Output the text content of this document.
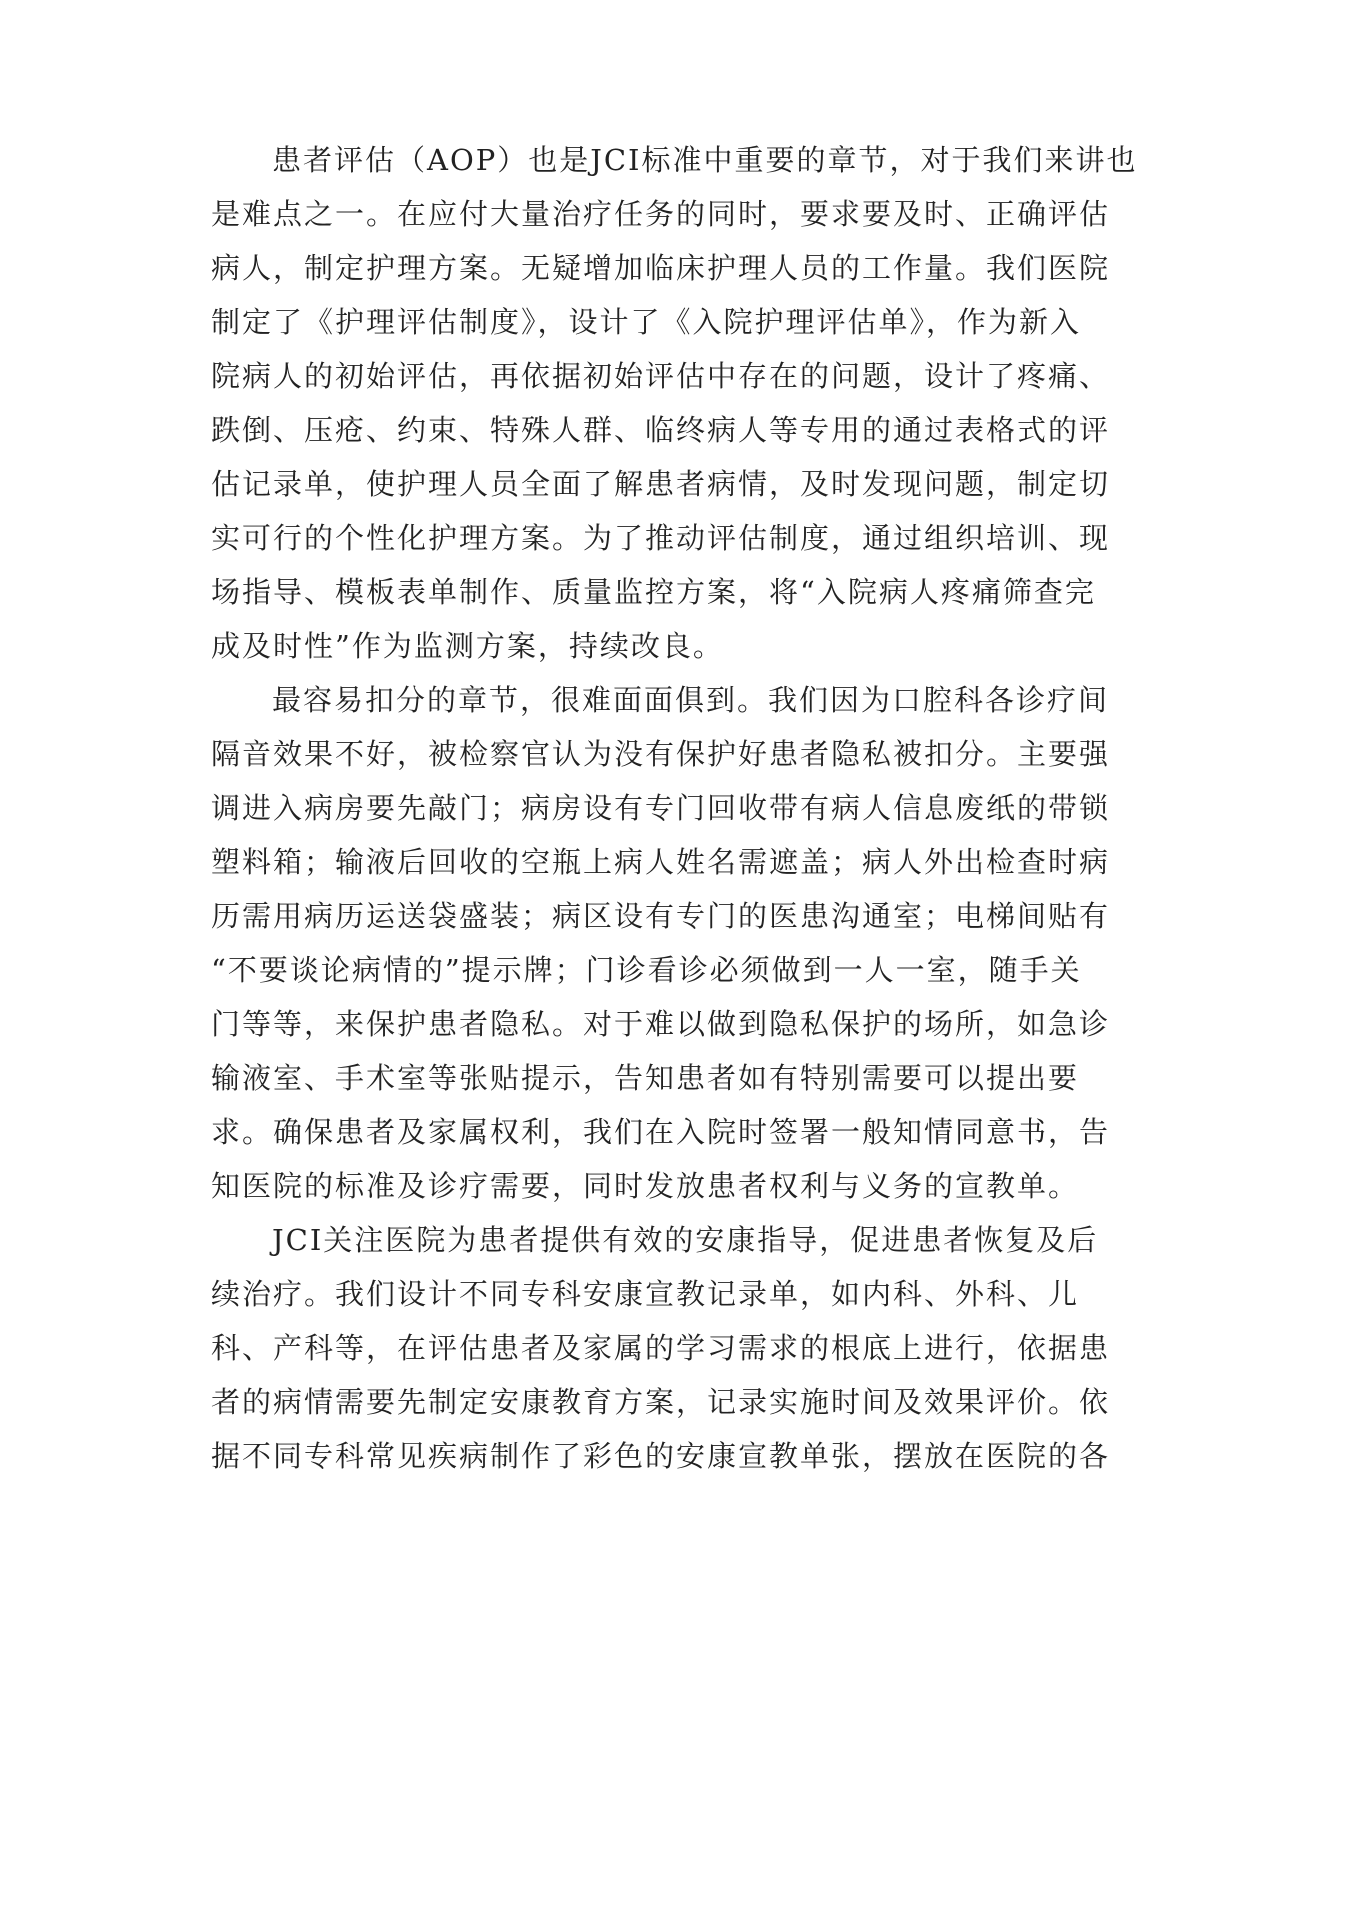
患者评估（AOP）也是JCI标准中重要的章节，对于我们来讲也
是难点之一。在应付大量治疗任务的同时，要求要及时、正确评估
病人，制定护理方案。无疑增加临床护理人员的工作量。我们医院
制定了《护理评估制度》，设计了《入院护理评估单》，作为新入
院病人的初始评估，再依据初始评估中存在的问题，设计了疼痛、
跌倒、压疮、约束、特殊人群、临终病人等专用的通过表格式的评
估记录单，使护理人员全面了解患者病情，及时发现问题，制定切
实可行的个性化护理方案。为了推动评估制度，通过组织培训、现
场指导、模板表单制作、质量监控方案，将“入院病人疼痛筛查完
成及时性”作为监测方案，持续改良。
最容易扣分的章节，很难面面俱到。我们因为口腔科各诊疗间
隔音效果不好，被检察官认为没有保护好患者隐私被扣分。主要强
调进入病房要先敲门；病房设有专门回收带有病人信息废纸的带锁
塑料箱；输液后回收的空瓶上病人姓名需遮盖；病人外出检查时病
历需用病历运送袋盛装；病区设有专门的医患沟通室；电梯间贴有
“不要谈论病情的”提示牌；门诊看诊必须做到一人一室，随手关
门等等，来保护患者隐私。对于难以做到隐私保护的场所，如急诊
输液室、手术室等张贴提示，告知患者如有特别需要可以提出要
求。确保患者及家属权利，我们在入院时签署一般知情同意书，告
知医院的标准及诊疗需要，同时发放患者权利与义务的宣教单。
JCI关注医院为患者提供有效的安康指导，促进患者恢复及后
续治疗。我们设计不同专科安康宣教记录单，如内科、外科、儿
科、产科等，在评估患者及家属的学习需求的根底上进行，依据患
者的病情需要先制定安康教育方案，记录实施时间及效果评价。依
据不同专科常见疾病制作了彩色的安康宣教单张，摆放在医院的各
